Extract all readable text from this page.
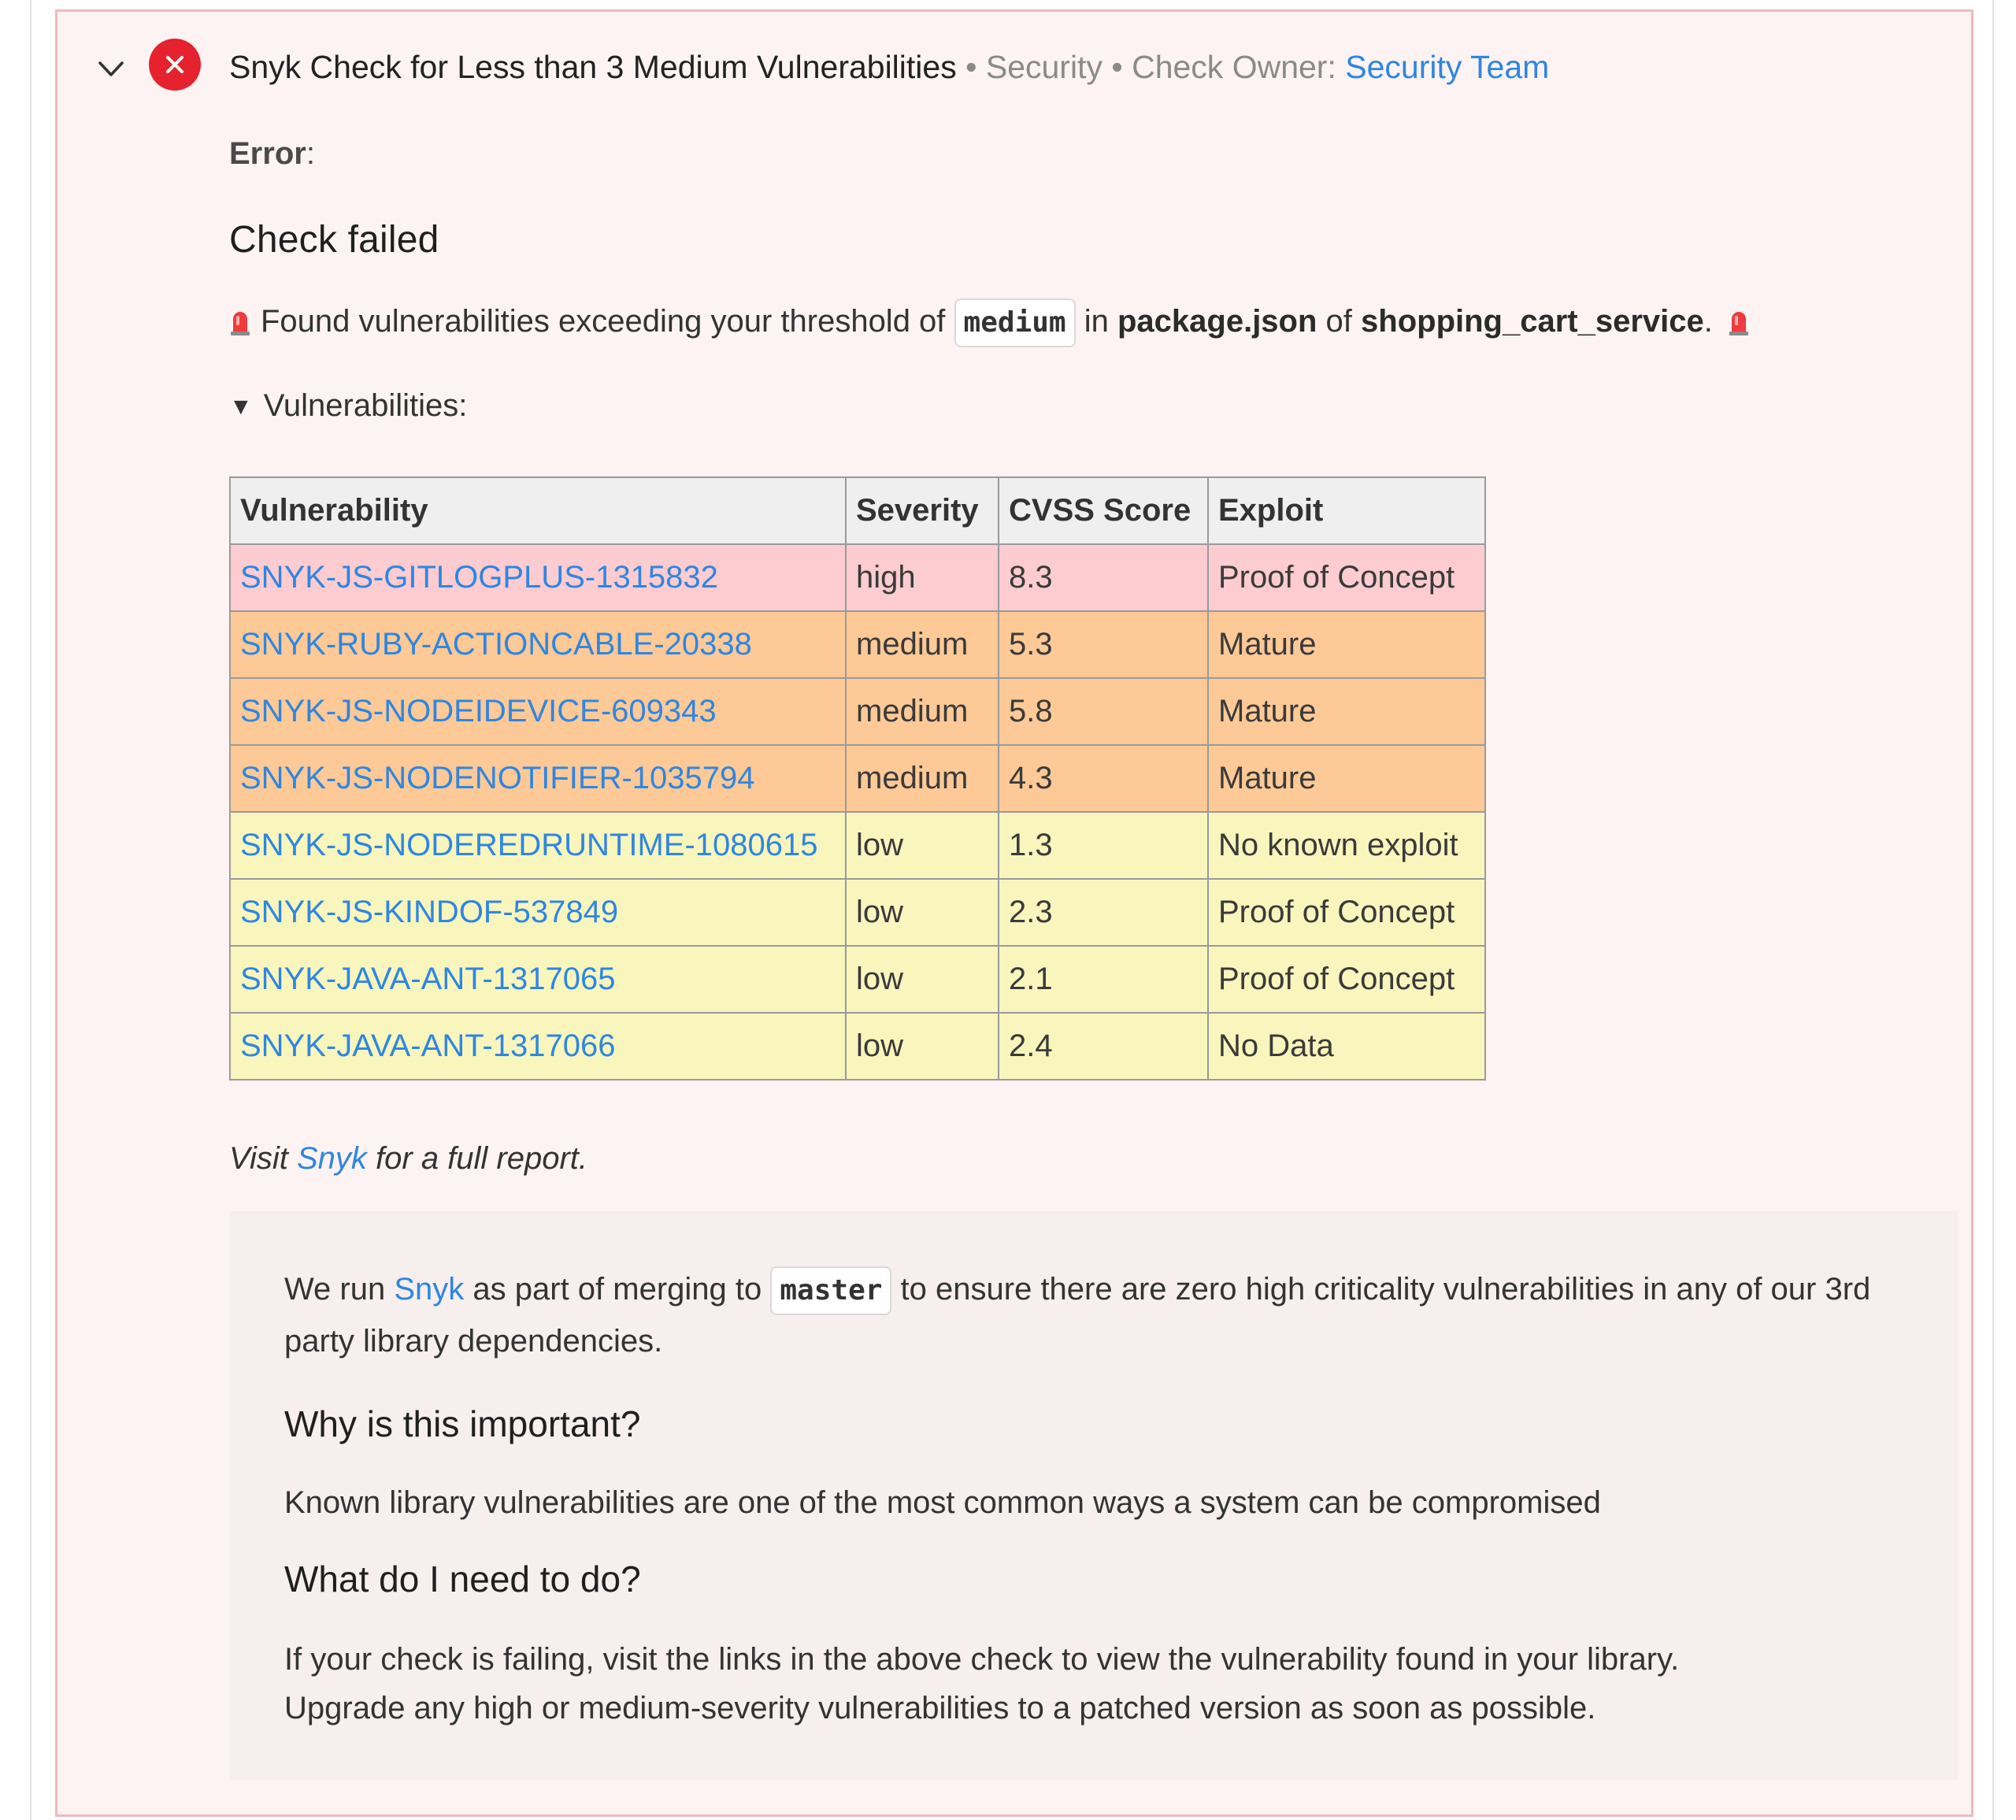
Snyk Check for Less than 3 Medium Vulnerabilities • Security • Check Owner: Security Team
Error:
Check failed
Found vulnerabilities exceeding your threshold of medium in package.json of shopping_cart_service.
▼ Vulnerabilities:
Vulnerability	Severity	CVSS Score	Exploit
SNYK-JS-GITLOGPLUS-1315832	high	8.3	Proof of Concept
SNYK-RUBY-ACTIONCABLE-20338	medium	5.3	Mature
SNYK-JS-NODEIDEVICE-609343	medium	5.8	Mature
SNYK-JS-NODENOTIFIER-1035794	medium	4.3	Mature
SNYK-JS-NODEREDRUNTIME-1080615	low	1.3	No known exploit
SNYK-JS-KINDOF-537849	low	2.3	Proof of Concept
SNYK-JAVA-ANT-1317065	low	2.1	Proof of Concept
SNYK-JAVA-ANT-1317066	low	2.4	No Data
Visit Snyk for a full report.
We run Snyk as part of merging to master to ensure there are zero high criticality vulnerabilities in any of our 3rd party library dependencies.
Why is this important?
Known library vulnerabilities are one of the most common ways a system can be compromised
What do I need to do?
If your check is failing, visit the links in the above check to view the vulnerability found in your library.
Upgrade any high or medium-severity vulnerabilities to a patched version as soon as possible.
